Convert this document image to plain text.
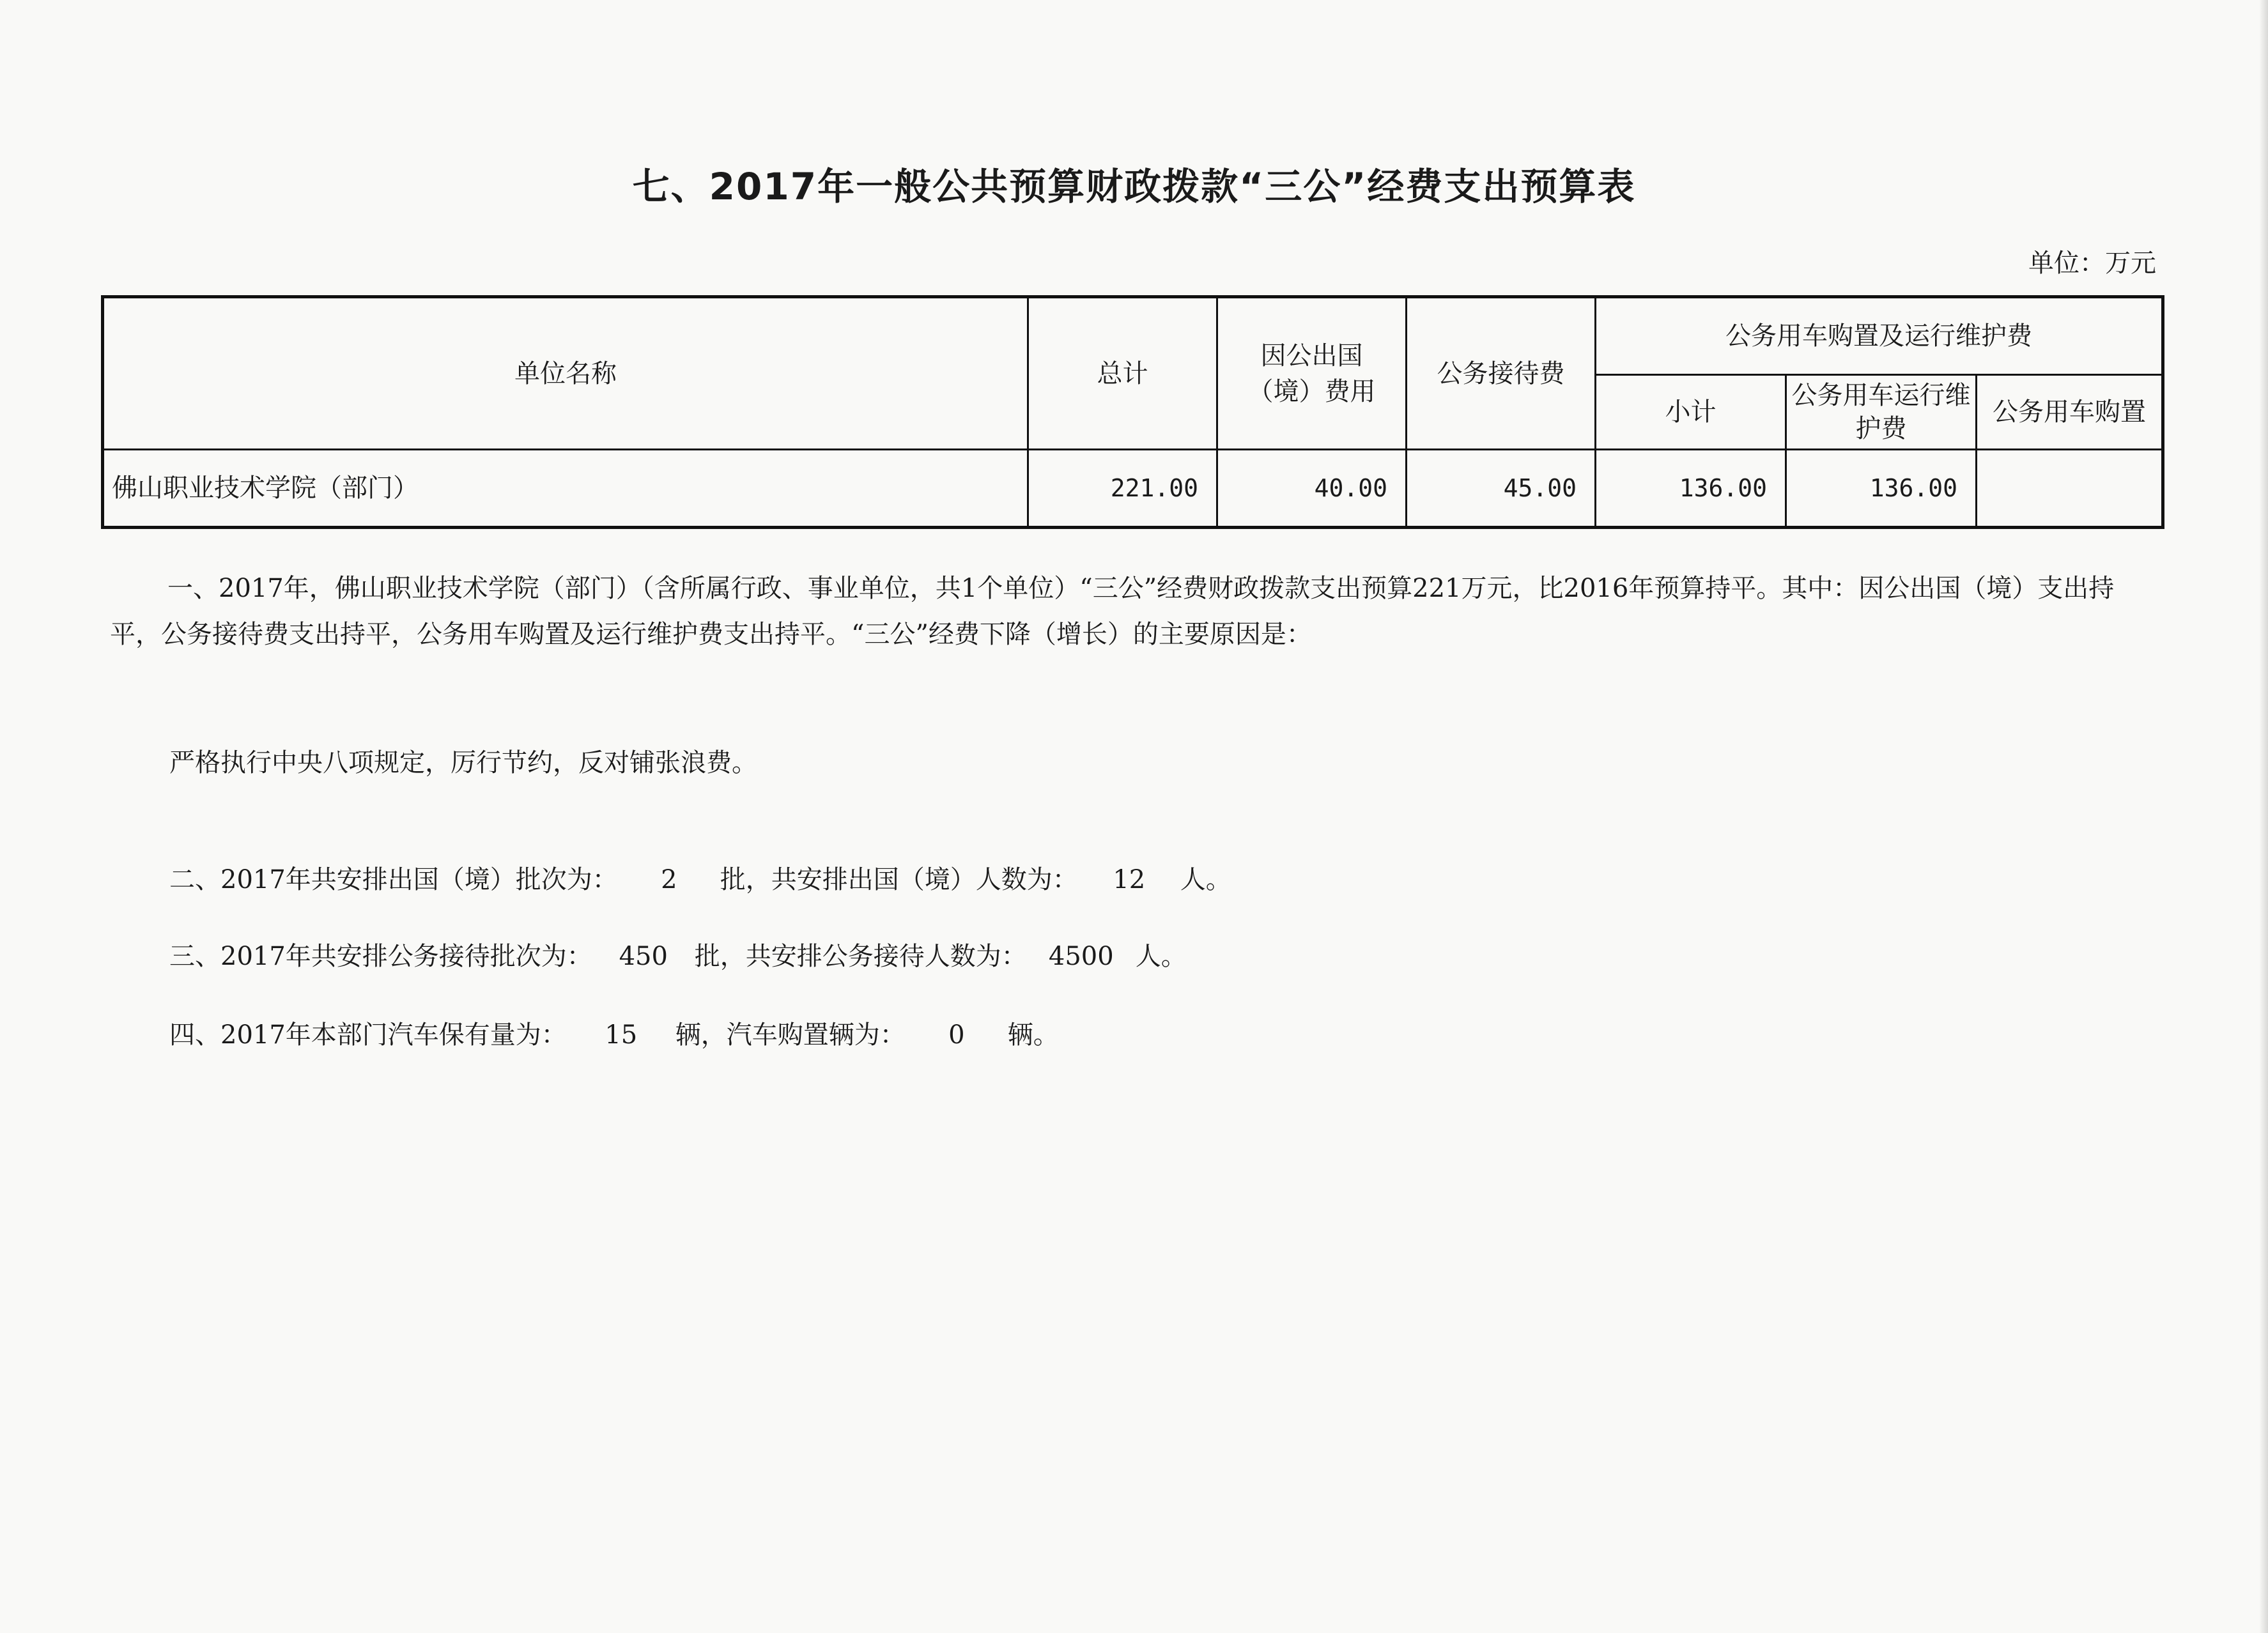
七、2017年一般公共预算财政拨款“三公”经费支出预算表
单位：万元
单位名称	总计	因公出国（境）费用	公务接待费	公务用车购置及运行维护费		
				小计	公务用车运行维护费	公务用车购置
佛山职业技术学院（部门）	221.00	40.00	45.00	136.00	136.00	
一、2017年，佛山职业技术学院（部门）（含所属行政、事业单位，共1个单位）“三公”经费财政拨款支出预算221万元，比2016年预算持平。其中：因公出国（境）支出持平，公务接待费支出持平，公务用车购置及运行维护费支出持平。“三公”经费下降（增长）的主要原因是：
严格执行中央八项规定，厉行节约，反对铺张浪费。
二、2017年共安排出国（境）批次为： 2 批，共安排出国（境）人数为： 12 人。
三、2017年共安排公务接待批次为： 450 批，共安排公务接待人数为： 4500 人。
四、2017年本部门汽车保有量为： 15 辆，汽车购置辆为： 0 辆。
